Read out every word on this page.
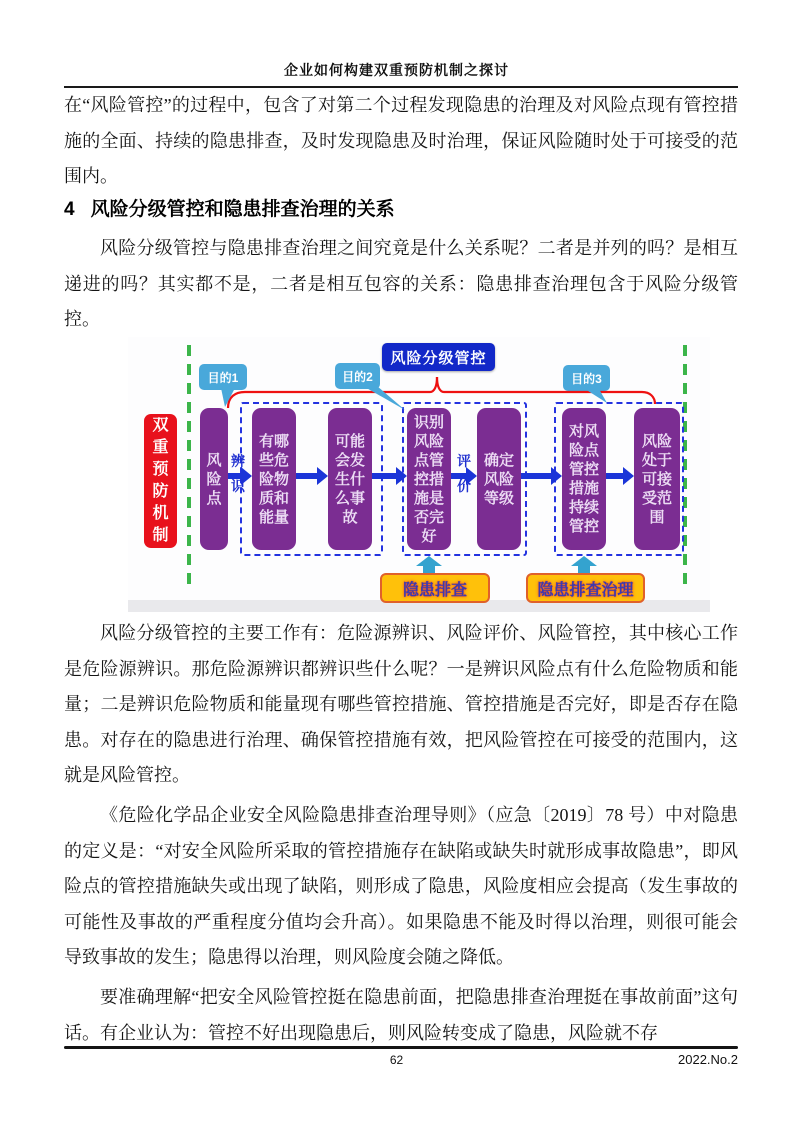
企业如何构建双重预防机制之探讨
在“风险管控”的过程中，包含了对第二个过程发现隐患的治理及对风险点现有管控措施的全面、持续的隐患排查，及时发现隐患及时治理，保证风险随时处于可接受的范围内。
4 风险分级管控和隐患排查治理的关系
风险分级管控与隐患排查治理之间究竟是什么关系呢？二者是并列的吗？是相互递进的吗？其实都不是，二者是相互包容的关系：隐患排查治理包含于风险分级管控。
双重预防机制
风险分级管控
目的1	目的2	目的3
风险点
有哪些危险物质和能量
可能会发生什么事故
识别风险点管控措施是否完好
确定风险等级
对风险点管控措施持续管控
风险处于可接受范围
辨识
评价
隐患排查	隐患排查治理
风险分级管控的主要工作有：危险源辨识、风险评价、风险管控，其中核心工作是危险源辨识。那危险源辨识都辨识些什么呢？一是辨识风险点有什么危险物质和能量；二是辨识危险物质和能量现有哪些管控措施、管控措施是否完好，即是否存在隐患。对存在的隐患进行治理、确保管控措施有效，把风险管控在可接受的范围内，这就是风险管控。
《危险化学品企业安全风险隐患排查治理导则》（应急〔2019〕78 号）中对隐患的定义是：“对安全风险所采取的管控措施存在缺陷或缺失时就形成事故隐患”，即风险点的管控措施缺失或出现了缺陷，则形成了隐患，风险度相应会提高（发生事故的可能性及事故的严重程度分值均会升高）。如果隐患不能及时得以治理，则很可能会导致事故的发生；隐患得以治理，则风险度会随之降低。
要准确理解“把安全风险管控挺在隐患前面，把隐患排查治理挺在事故前面”这句话。有企业认为：管控不好出现隐患后，则风险转变成了隐患，风险就不存
62	2022.No.2
